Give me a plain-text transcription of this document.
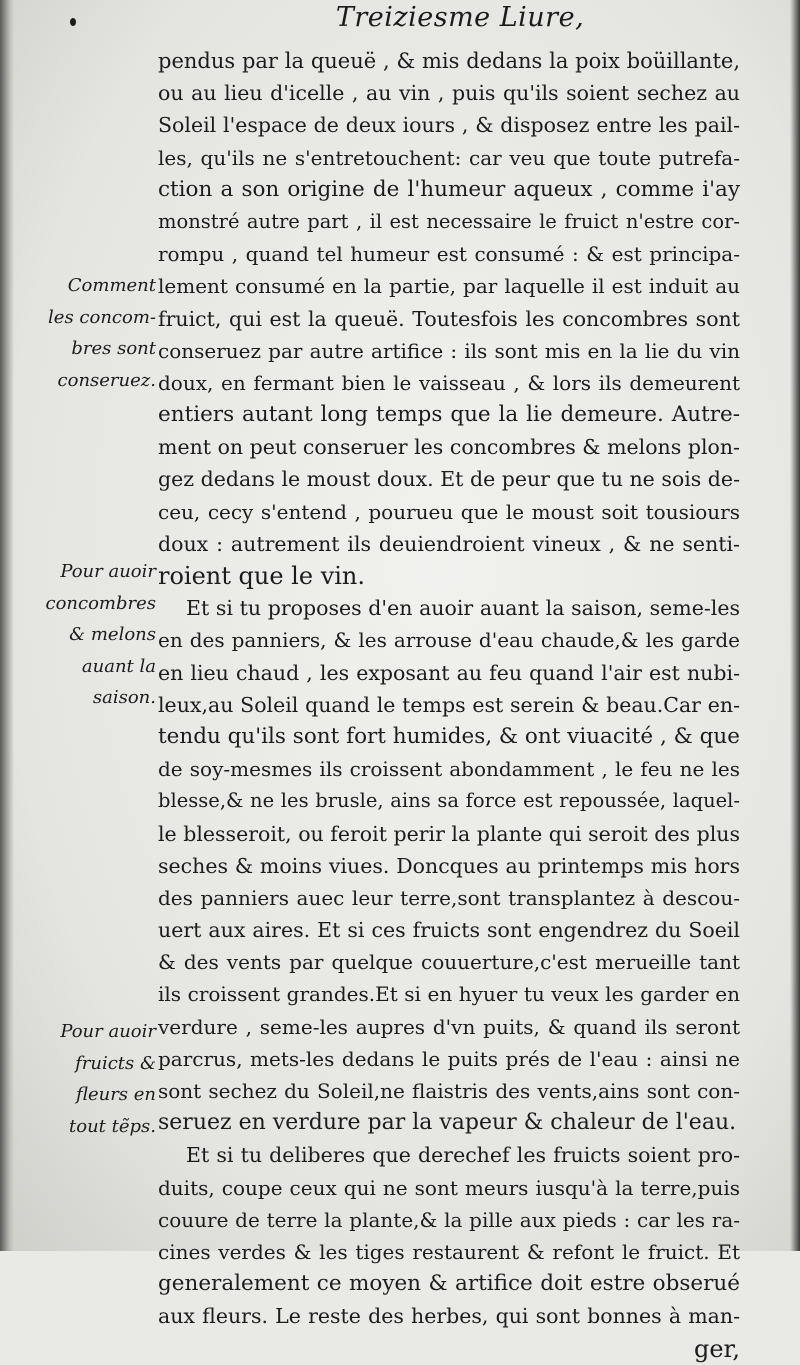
Treiziesme Liure,
Comment
les concom-
bres sont
conseruez.
Pour auoir
concombres
& melons
auant la
saison.
Pour auoir
fruicts &
fleurs en
tout tẽps.
pendus par la queuë , & mis dedans la poix boüillante,
ou au lieu d'icelle , au vin , puis qu'ils soient sechez au
Soleil l'espace de deux iours , & disposez entre les pail-
les, qu'ils ne s'entretouchent: car veu que toute putrefa-
ction a son origine de l'humeur aqueux , comme i'ay
monstré autre part , il est necessaire le fruict n'estre cor-
rompu , quand tel humeur est consumé : & est principa-
lement consumé en la partie, par laquelle il est induit au
fruict, qui est la queuë. Toutesfois les concombres sont
conseruez par autre artifice : ils sont mis en la lie du vin
doux, en fermant bien le vaisseau , & lors ils demeurent
entiers autant long temps que la lie demeure. Autre-
ment on peut conseruer les concombres & melons plon-
gez dedans le moust doux. Et de peur que tu ne sois de-
ceu, cecy s'entend , pourueu que le moust soit tousiours
doux : autrement ils deuiendroient vineux , & ne senti-
roient que le vin.
Et si tu proposes d'en auoir auant la saison, seme-les
en des panniers, & les arrouse d'eau chaude,& les garde
en lieu chaud , les exposant au feu quand l'air est nubi-
leux,au Soleil quand le temps est serein & beau.Car en-
tendu qu'ils sont fort humides, & ont viuacité , & que
de soy-mesmes ils croissent abondamment , le feu ne les
blesse,& ne les brusle, ains sa force est repoussée, laquel-
le blesseroit, ou feroit perir la plante qui seroit des plus
seches & moins viues. Doncques au printemps mis hors
des panniers auec leur terre,sont transplantez à descou-
uert aux aires. Et si ces fruicts sont engendrez du Soeil
& des vents par quelque couuerture,c'est merueille tant
ils croissent grandes.Et si en hyuer tu veux les garder en
verdure , seme-les aupres d'vn puits, & quand ils seront
parcrus, mets-les dedans le puits prés de l'eau : ainsi ne
sont sechez du Soleil,ne flaistris des vents,ains sont con-
seruez en verdure par la vapeur & chaleur de l'eau.
Et si tu deliberes que derechef les fruicts soient pro-
duits, coupe ceux qui ne sont meurs iusqu'à la terre,puis
couure de terre la plante,& la pille aux pieds : car les ra-
cines verdes & les tiges restaurent & refont le fruict. Et
generalement ce moyen & artifice doit estre obserué
aux fleurs. Le reste des herbes, qui sont bonnes à man-
ger,
